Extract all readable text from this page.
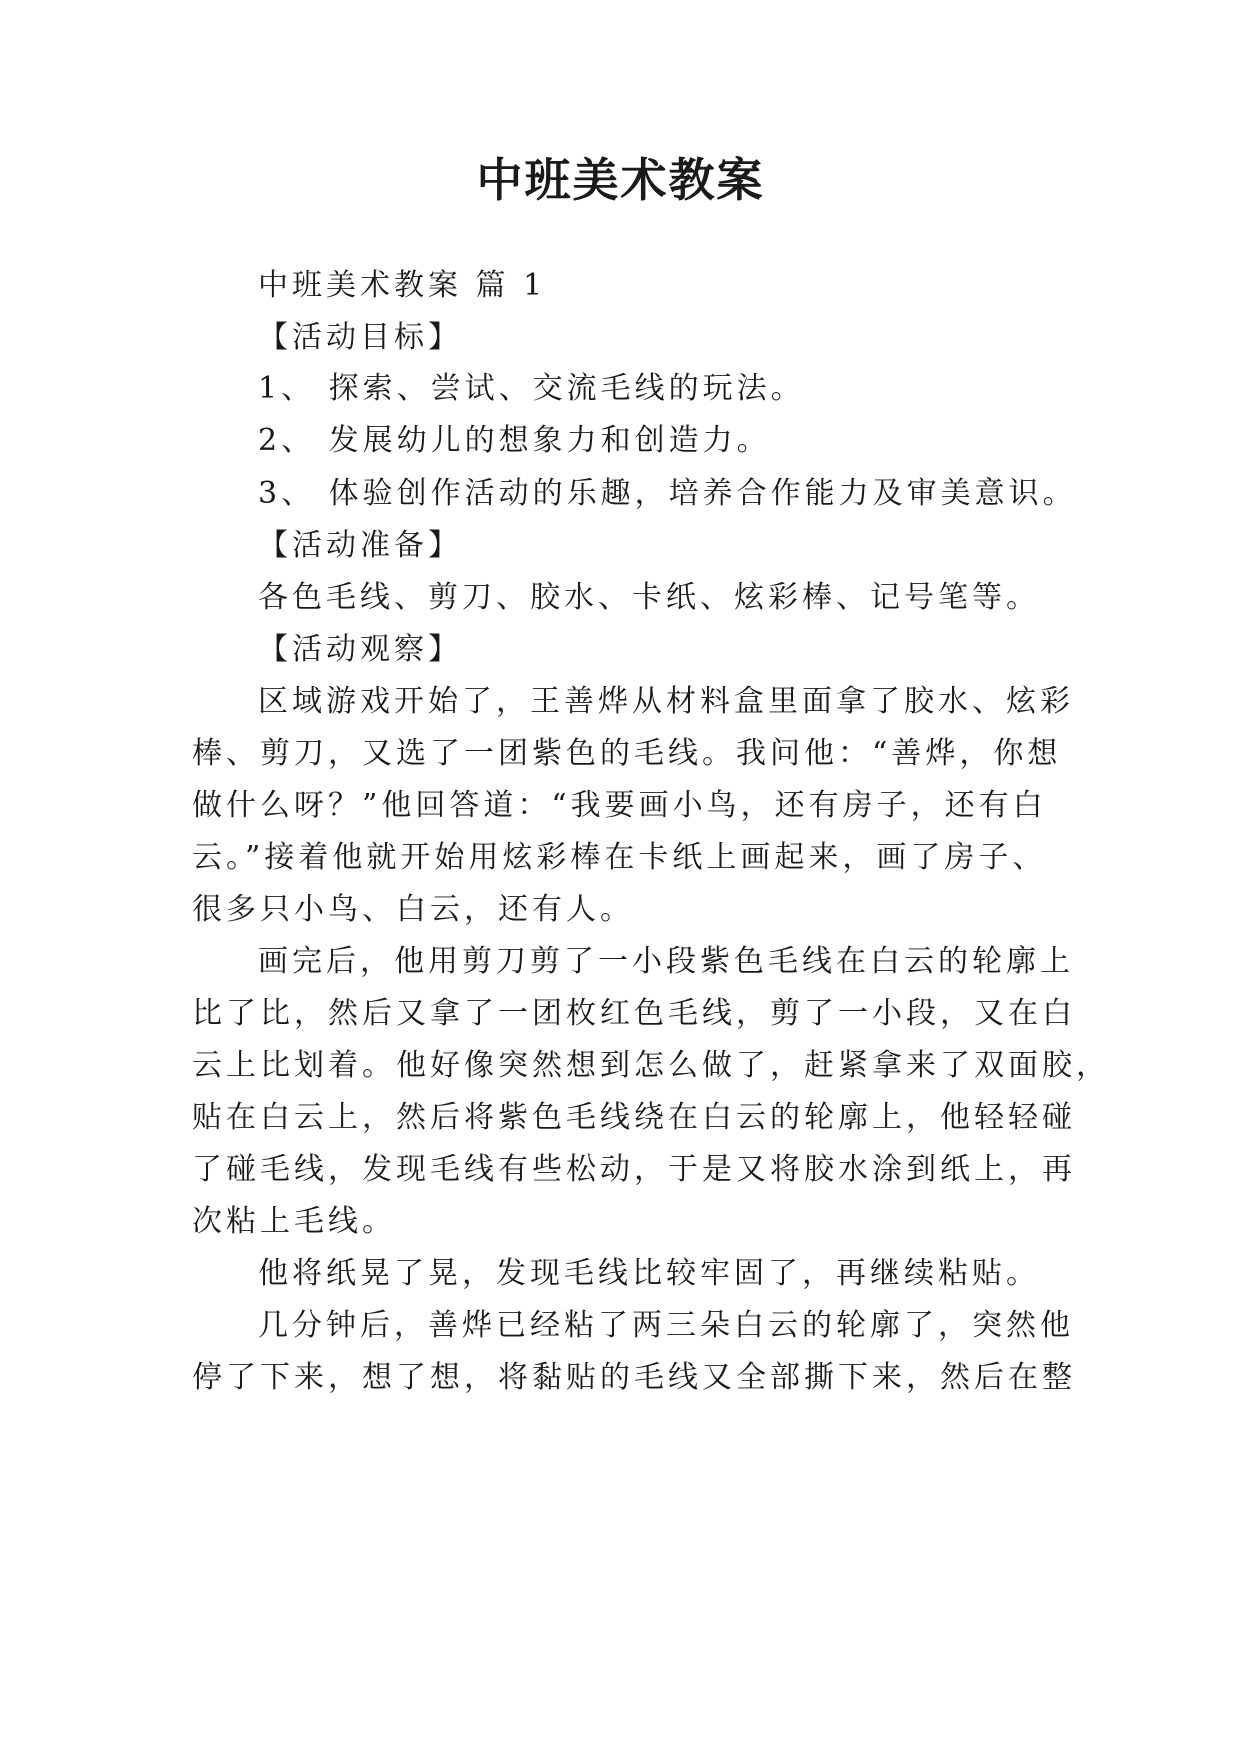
中班美术教案
中班美术教案 篇 1
【活动目标】
1、 探索、尝试、交流毛线的玩法。
2、 发展幼儿的想象力和创造力。
3、 体验创作活动的乐趣，培养合作能力及审美意识。
【活动准备】
各色毛线、剪刀、胶水、卡纸、炫彩棒、记号笔等。
【活动观察】
区域游戏开始了，王善烨从材料盒里面拿了胶水、炫彩
棒、剪刀，又选了一团紫色的毛线。我问他：“善烨，你想
做什么呀？”他回答道：“我要画小鸟，还有房子，还有白
云。”接着他就开始用炫彩棒在卡纸上画起来，画了房子、
很多只小鸟、白云，还有人。
画完后，他用剪刀剪了一小段紫色毛线在白云的轮廓上
比了比，然后又拿了一团枚红色毛线，剪了一小段，又在白
云上比划着。他好像突然想到怎么做了，赶紧拿来了双面胶，
贴在白云上，然后将紫色毛线绕在白云的轮廓上，他轻轻碰
了碰毛线，发现毛线有些松动，于是又将胶水涂到纸上，再
次粘上毛线。
他将纸晃了晃，发现毛线比较牢固了，再继续粘贴。
几分钟后，善烨已经粘了两三朵白云的轮廓了，突然他
停了下来，想了想，将黏贴的毛线又全部撕下来，然后在整
